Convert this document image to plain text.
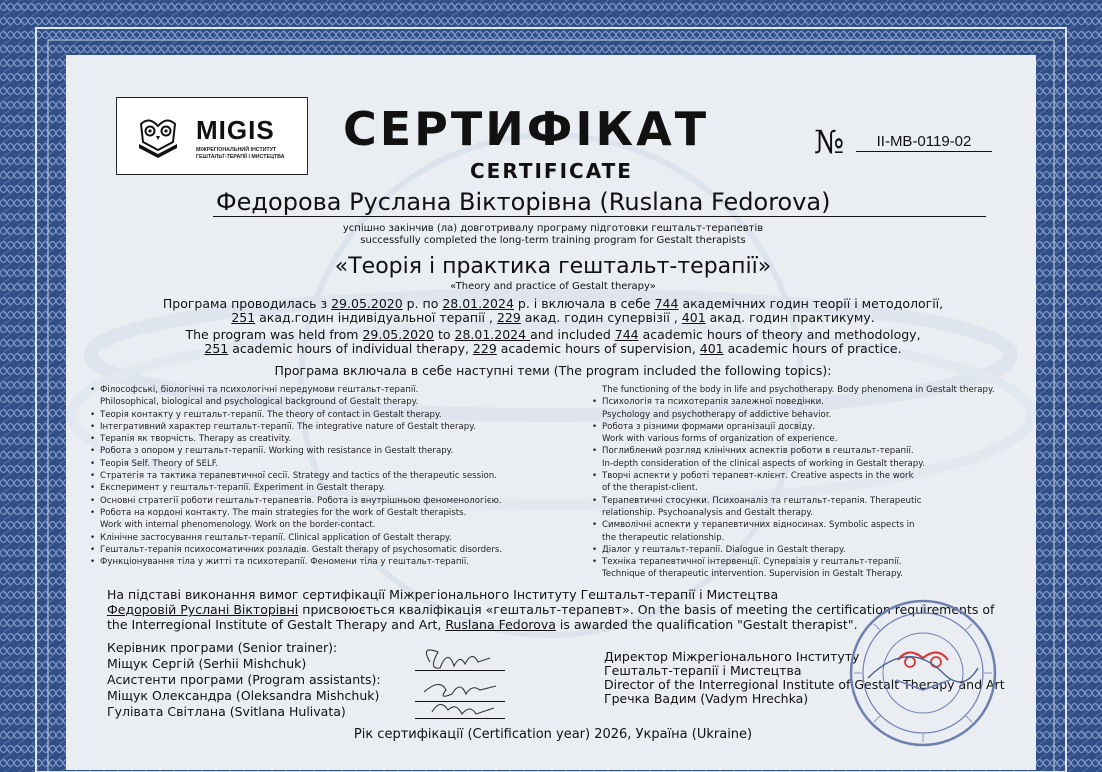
MIGIS
МІЖРЕГІОНАЛЬНИЙ ІНСТИТУТ ГЕШТАЛЬТ-ТЕРАПІЇ І МИСТЕЦТВА
СЕРТИФІКАТ
CERTIFICATE
№	II-MB-0119-02
Федорова Руслана Вікторівна (Ruslana Fedorova)
успішно закінчив (ла) довготривалу програму підготовки гештальт-терапевтів
successfully completed the long-term training program for Gestalt therapists
«Теорія і практика гештальт-терапії»
«Theory and practice of Gestalt therapy»
Програма проводилась з 29.05.2020 р. по 28.01.2024 р. і включала в себе 744 академічних годин теорії і методології,
251 акад.годин індивідуальної терапії , 229 акад. годин супервізії , 401 акад. годин практикуму.
The program was held from 29.05.2020 to 28.01.2024 and included 744 academic hours of theory and methodology,
251 academic hours of individual therapy, 229 academic hours of supervision, 401 academic hours of practice.
Програма включала в себе наступні теми (The program included the following topics):
• Філософські, біологічні та психологічні передумови гештальт-терапії.
Philosophical, biological and psychological background of Gestalt therapy.
• Теорія контакту у гештальт-терапії. The theory of contact in Gestalt therapy.
• Інтегративний характер гештальт-терапії. The integrative nature of Gestalt therapy.
• Терапія як творчість. Therapy as creativity.
• Робота з опором у гештальт-терапії. Working with resistance in Gestalt therapy.
• Теорія Self. Theory of SELF.
• Стратегія та тактика терапевтичної сесії. Strategy and tactics of the therapeutic session.
• Експеримент у гештальт-терапії. Experiment in Gestalt therapy.
• Основні стратегії роботи гештальт-терапевтів. Робота із внутрішньою феноменологією.
• Робота на кордоні контакту. The main strategies for the work of Gestalt therapists.
Work with internal phenomenology. Work on the border-contact.
• Клінічне застосування гештальт-терапії. Clinical application of Gestalt therapy.
• Гештальт-терапія психосоматичних розладів. Gestalt therapy of psychosomatic disorders.
• Функціонування тіла у житті та психотерапії. Феномени тіла у гештальт-терапії.
The functioning of the body in life and psychotherapy. Body phenomena in Gestalt therapy.
• Психологія та психотерапія залежної поведінки.
Psychology and psychotherapy of addictive behavior.
• Робота з різними формами організації досвіду.
Work with various forms of organization of experience.
• Поглиблений розгляд клінічних аспектів роботи в гештальт-терапії.
In-depth consideration of the clinical aspects of working in Gestalt therapy.
• Творчі аспекти у роботі терапевт-клієнт. Creative aspects in the work
of the therapist-client.
• Терапевтичні стосунки. Психоаналіз та гештальт-терапія. Therapeutic
relationship. Psychoanalysis and Gestalt therapy.
• Символічні аспекти у терапевтичних відносинах. Symbolic aspects in
the therapeutic relationship.
• Діалог у гештальт-терапії. Dialogue in Gestalt therapy.
• Техніка терапевтичної інтервенції. Супервізія у гештальт-терапії.
Technique of therapeutic intervention. Supervision in Gestalt Therapy.
На підставі виконання вимог сертифікації Міжрегіонального Інституту Гештальт-терапії і Мистецтва
Федоровій Руслані Вікторівні присвоюється кваліфікація «гештальт-терапевт». On the basis of meeting the certification requirements of
the Interregional Institute of Gestalt Therapy and Art, Ruslana Fedorova is awarded the qualification "Gestalt therapist".
Керівник програми (Senior trainer):
Міщук Сергій (Serhii Mishchuk)
Асистенти програми (Program assistants):
Міщук Олександра (Oleksandra Mishchuk)
Гулівата Світлана (Svitlana Hulivata)
Директор Міжрегіонального Інституту
Гештальт-терапії і Мистецтва
Director of the Interregional Institute of Gestalt Therapy and Art
Гречка Вадим (Vadym Hrechka)
Рік сертифікації (Certification year) 2026, Україна (Ukraine)
